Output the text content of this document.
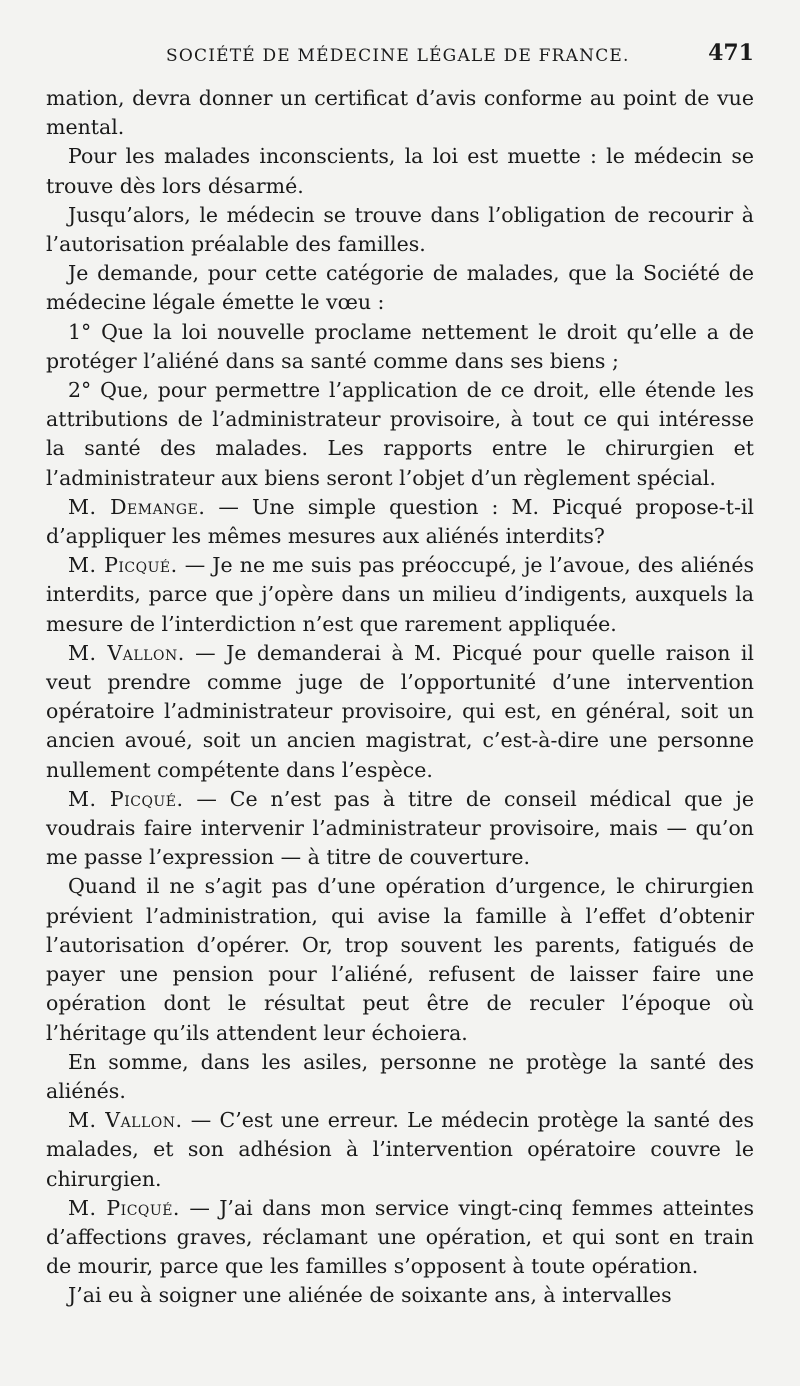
SOCIÉTÉ DE MÉDECINE LÉGALE DE FRANCE.	471

mation, devra donner un certificat d’avis conforme au point de vue mental.

Pour les malades inconscients, la loi est muette : le médecin se trouve dès lors désarmé.

Jusqu’alors, le médecin se trouve dans l’obligation de recourir à l’autorisation préalable des familles.

Je demande, pour cette catégorie de malades, que la Société de médecine légale émette le vœu :

1° Que la loi nouvelle proclame nettement le droit qu’elle a de protéger l’aliéné dans sa santé comme dans ses biens ;

2° Que, pour permettre l’application de ce droit, elle étende les attributions de l’administrateur provisoire, à tout ce qui intéresse la santé des malades. Les rapports entre le chirurgien et l’administrateur aux biens seront l’objet d’un règlement spécial.

M. Demange. — Une simple question : M. Picqué propose-t-il d’appliquer les mêmes mesures aux aliénés interdits?

M. Picqué. — Je ne me suis pas préoccupé, je l’avoue, des aliénés interdits, parce que j’opère dans un milieu d’indigents, auxquels la mesure de l’interdiction n’est que rarement appliquée.

M. Vallon. — Je demanderai à M. Picqué pour quelle raison il veut prendre comme juge de l’opportunité d’une intervention opératoire l’administrateur provisoire, qui est, en général, soit un ancien avoué, soit un ancien magistrat, c’est-à-dire une personne nullement compétente dans l’espèce.

M. Picqué. — Ce n’est pas à titre de conseil médical que je voudrais faire intervenir l’administrateur provisoire, mais — qu’on me passe l’expression — à titre de couverture.

Quand il ne s’agit pas d’une opération d’urgence, le chirurgien prévient l’administration, qui avise la famille à l’effet d’obtenir l’autorisation d’opérer. Or, trop souvent les parents, fatigués de payer une pension pour l’aliéné, refusent de laisser faire une opération dont le résultat peut être de reculer l’époque où l’héritage qu’ils attendent leur échoiera.

En somme, dans les asiles, personne ne protège la santé des aliénés.

M. Vallon. — C’est une erreur. Le médecin protège la santé des malades, et son adhésion à l’intervention opératoire couvre le chirurgien.

M. Picqué. — J’ai dans mon service vingt-cinq femmes atteintes d’affections graves, réclamant une opération, et qui sont en train de mourir, parce que les familles s’opposent à toute opération.

J’ai eu à soigner une aliénée de soixante ans, à intervalles
